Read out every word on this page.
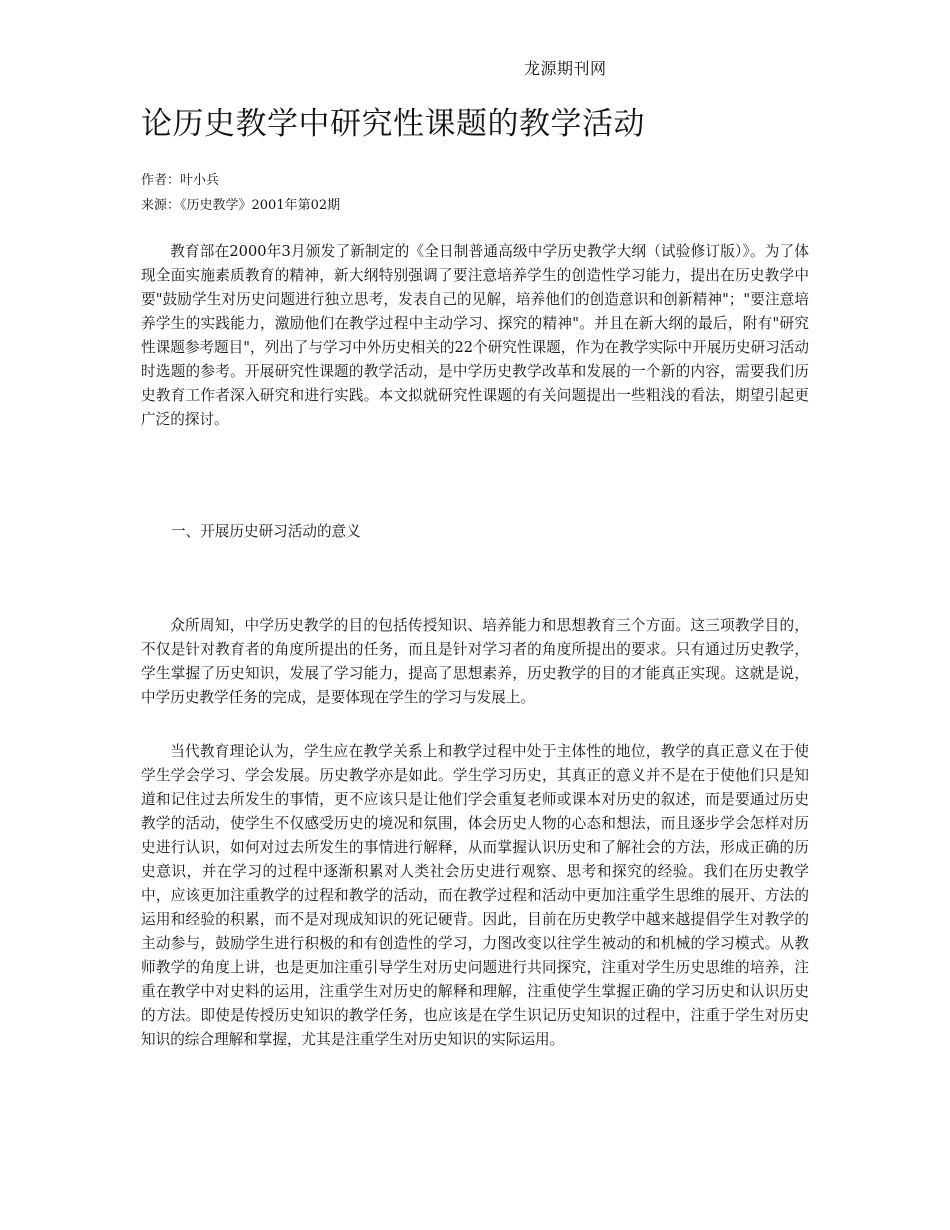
龙源期刊网
论历史教学中研究性课题的教学活动
作者：叶小兵
来源：《历史教学》2001年第02期

教育部在2000年3月颁发了新制定的《全日制普通高级中学历史教学大纲（试验修订版）》。为了体现全面实施素质教育的精神，新大纲特别强调了要注意培养学生的创造性学习能力，提出在历史教学中要"鼓励学生对历史问题进行独立思考，发表自己的见解，培养他们的创造意识和创新精神"；"要注意培养学生的实践能力，激励他们在教学过程中主动学习、探究的精神"。并且在新大纲的最后，附有"研究性课题参考题目"，列出了与学习中外历史相关的22个研究性课题，作为在教学实际中开展历史研习活动时选题的参考。开展研究性课题的教学活动，是中学历史教学改革和发展的一个新的内容，需要我们历史教育工作者深入研究和进行实践。本文拟就研究性课题的有关问题提出一些粗浅的看法，期望引起更广泛的探讨。

一、开展历史研习活动的意义

众所周知，中学历史教学的目的包括传授知识、培养能力和思想教育三个方面。这三项教学目的，不仅是针对教育者的角度所提出的任务，而且是针对学习者的角度所提出的要求。只有通过历史教学，学生掌握了历史知识，发展了学习能力，提高了思想素养，历史教学的目的才能真正实现。这就是说，中学历史教学任务的完成，是要体现在学生的学习与发展上。

当代教育理论认为，学生应在教学关系上和教学过程中处于主体性的地位，教学的真正意义在于使学生学会学习、学会发展。历史教学亦是如此。学生学习历史，其真正的意义并不是在于使他们只是知道和记住过去所发生的事情，更不应该只是让他们学会重复老师或课本对历史的叙述，而是要通过历史教学的活动，使学生不仅感受历史的境况和氛围，体会历史人物的心态和想法，而且逐步学会怎样对历史进行认识，如何对过去所发生的事情进行解释，从而掌握认识历史和了解社会的方法，形成正确的历史意识，并在学习的过程中逐渐积累对人类社会历史进行观察、思考和探究的经验。我们在历史教学中，应该更加注重教学的过程和教学的活动，而在教学过程和活动中更加注重学生思维的展开、方法的运用和经验的积累，而不是对现成知识的死记硬背。因此，目前在历史教学中越来越提倡学生对教学的主动参与，鼓励学生进行积极的和有创造性的学习，力图改变以往学生被动的和机械的学习模式。从教师教学的角度上讲，也是更加注重引导学生对历史问题进行共同探究，注重对学生历史思维的培养，注重在教学中对史料的运用，注重学生对历史的解释和理解，注重使学生掌握正确的学习历史和认识历史的方法。即使是传授历史知识的教学任务，也应该是在学生识记历史知识的过程中，注重于学生对历史知识的综合理解和掌握，尤其是注重学生对历史知识的实际运用。
